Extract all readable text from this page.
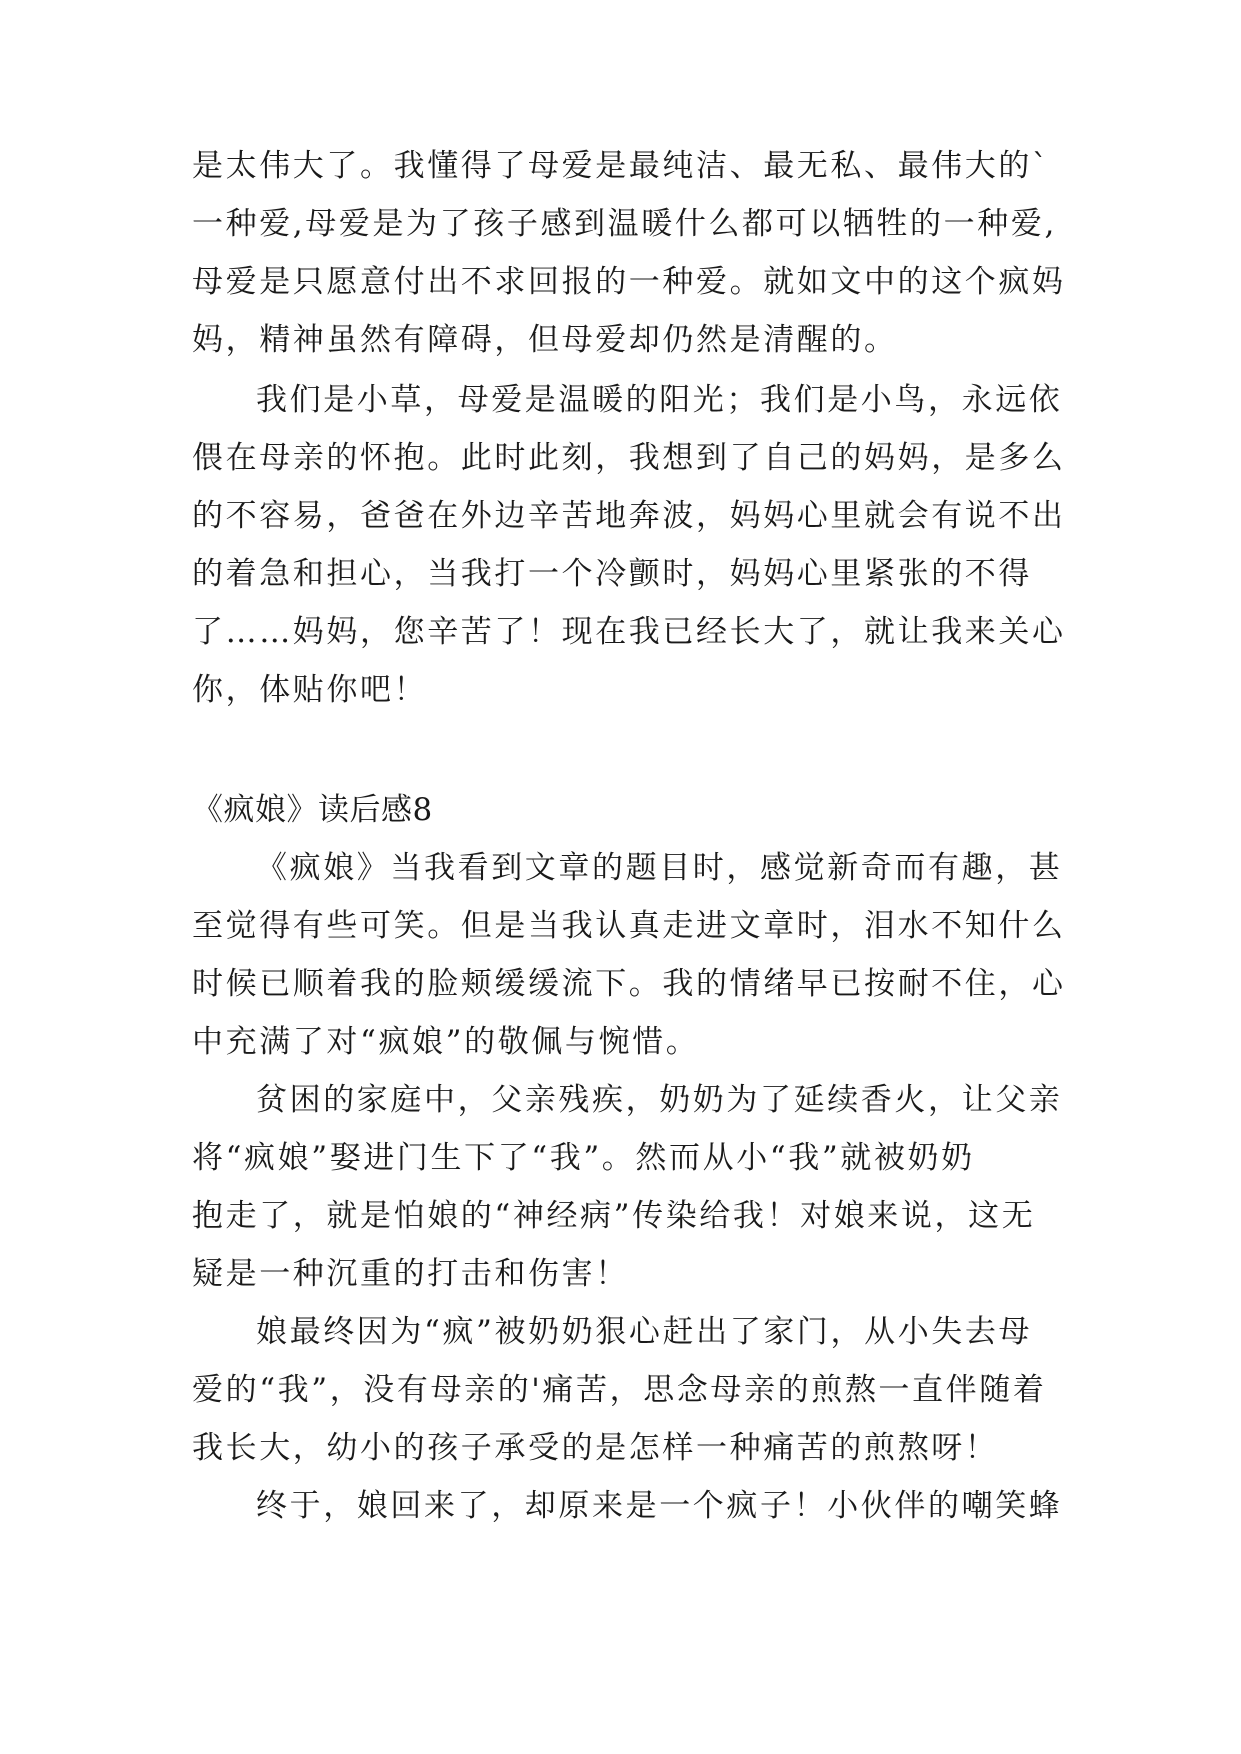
是太伟大了。我懂得了母爱是最纯洁、最无私、最伟大的`
一种爱,母爱是为了孩子感到温暖什么都可以牺牲的一种爱,
母爱是只愿意付出不求回报的一种爱。就如文中的这个疯妈
妈，精神虽然有障碍，但母爱却仍然是清醒的。
我们是小草，母爱是温暖的阳光；我们是小鸟，永远依
偎在母亲的怀抱。此时此刻，我想到了自己的妈妈，是多么
的不容易，爸爸在外边辛苦地奔波，妈妈心里就会有说不出
的着急和担心，当我打一个冷颤时，妈妈心里紧张的不得
了……妈妈，您辛苦了！现在我已经长大了，就让我来关心
你，体贴你吧！
《疯娘》读后感8
《疯娘》当我看到文章的题目时，感觉新奇而有趣，甚
至觉得有些可笑。但是当我认真走进文章时，泪水不知什么
时候已顺着我的脸颊缓缓流下。我的情绪早已按耐不住，心
中充满了对“疯娘”的敬佩与惋惜。
贫困的家庭中，父亲残疾，奶奶为了延续香火，让父亲
将“疯娘”娶进门生下了“我”。然而从小“我”就被奶奶
抱走了，就是怕娘的“神经病”传染给我！对娘来说，这无
疑是一种沉重的打击和伤害！
娘最终因为“疯”被奶奶狠心赶出了家门，从小失去母
爱的“我”，没有母亲的'痛苦，思念母亲的煎熬一直伴随着
我长大，幼小的孩子承受的是怎样一种痛苦的煎熬呀！
终于，娘回来了，却原来是一个疯子！小伙伴的嘲笑蜂
